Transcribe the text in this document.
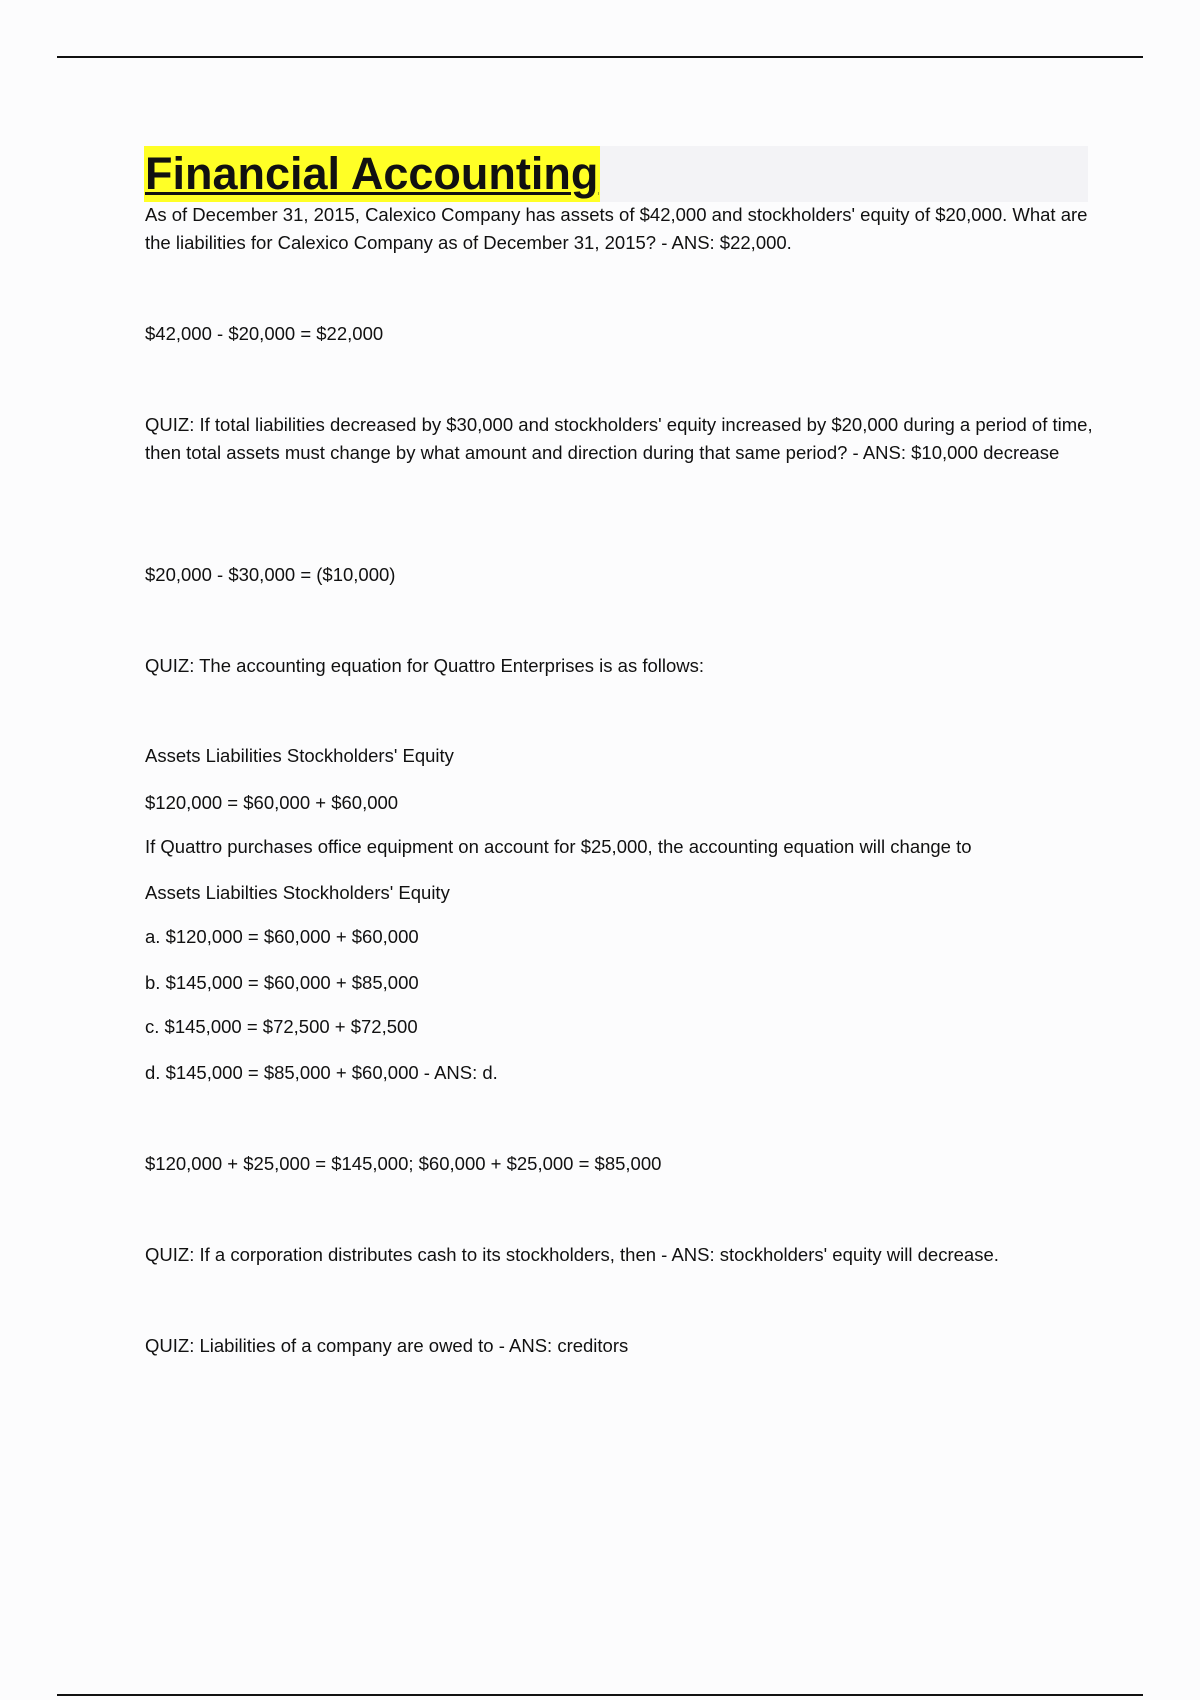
Financial Accounting

As of December 31, 2015, Calexico Company has assets of $42,000 and stockholders' equity of $20,000. What are the liabilities for Calexico Company as of December 31, 2015? - ANS: $22,000.

$42,000 - $20,000 = $22,000

QUIZ: If total liabilities decreased by $30,000 and stockholders' equity increased by $20,000 during a period of time, then total assets must change by what amount and direction during that same period? - ANS: $10,000 decrease

$20,000 - $30,000 = ($10,000)

QUIZ: The accounting equation for Quattro Enterprises is as follows:

Assets Liabilities Stockholders' Equity

$120,000 = $60,000 + $60,000

If Quattro purchases office equipment on account for $25,000, the accounting equation will change to

Assets Liabilties Stockholders' Equity

a. $120,000 = $60,000 + $60,000

b. $145,000 = $60,000 + $85,000

c. $145,000 = $72,500 + $72,500

d. $145,000 = $85,000 + $60,000 - ANS: d.

$120,000 + $25,000 = $145,000; $60,000 + $25,000 = $85,000

QUIZ: If a corporation distributes cash to its stockholders, then - ANS: stockholders' equity will decrease.

QUIZ: Liabilities of a company are owed to - ANS: creditors
